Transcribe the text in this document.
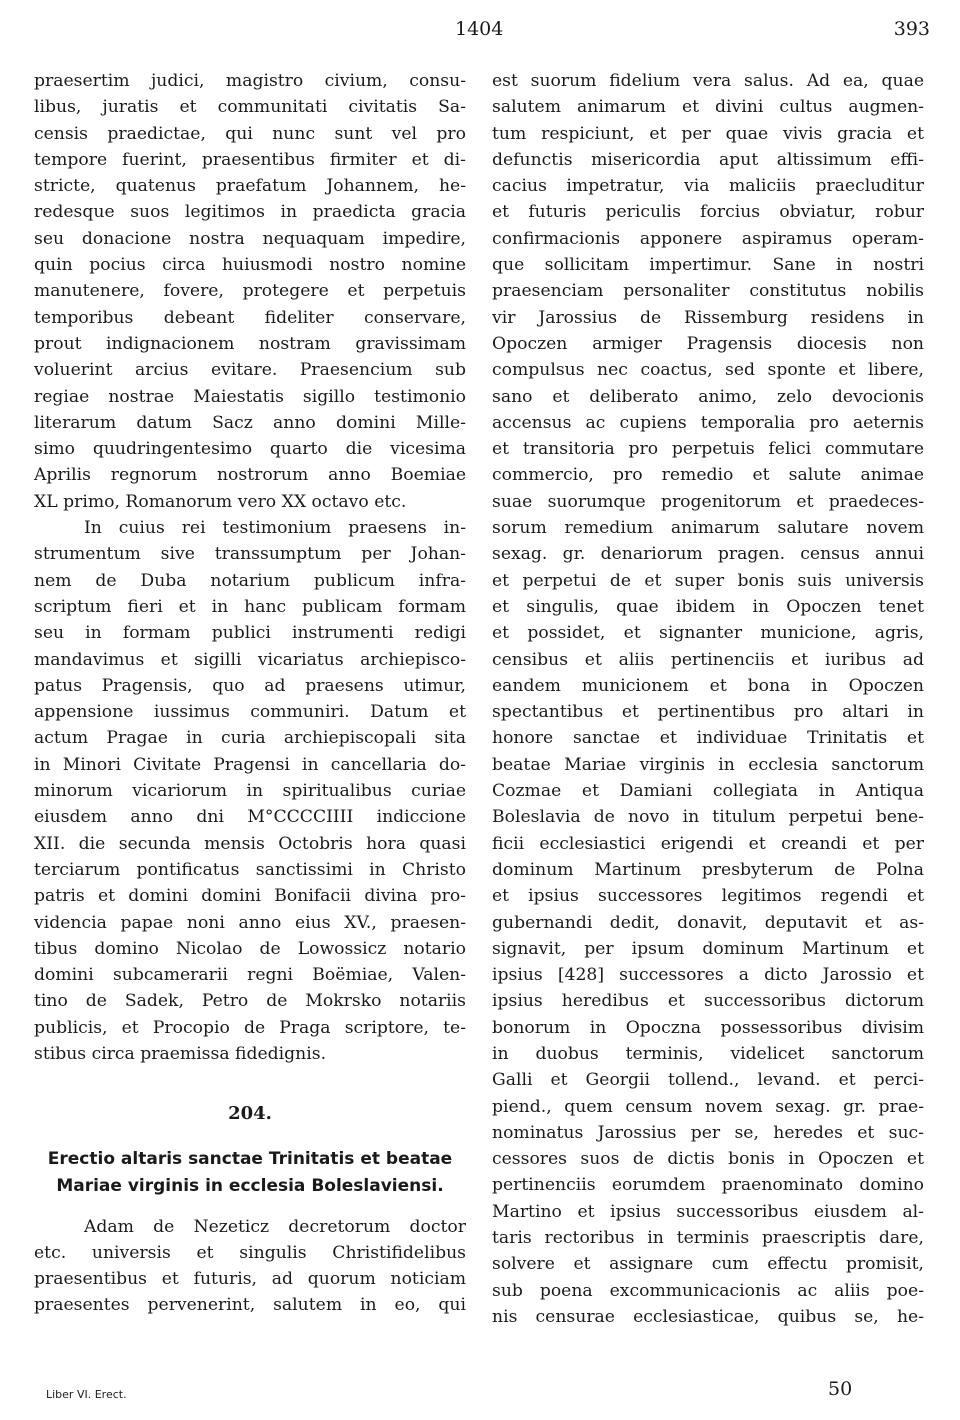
1404	393
praesertim judici, magistro civium, consu-
libus, juratis et communitati civitatis Sa-
censis praedictae, qui nunc sunt vel pro
tempore fuerint, praesentibus firmiter et di-
stricte, quatenus praefatum Johannem, he-
redesque suos legitimos in praedicta gracia
seu donacione nostra nequaquam impedire,
quin pocius circa huiusmodi nostro nomine
manutenere, fovere, protegere et perpetuis
temporibus debeant fideliter conservare,
prout indignacionem nostram gravissimam
voluerint arcius evitare. Praesencium sub
regiae nostrae Maiestatis sigillo testimonio
literarum datum Sacz anno domini Mille-
simo quudringentesimo quarto die vicesima
Aprilis regnorum nostrorum anno Boemiae
XL primo, Romanorum vero XX octavo etc.
In cuius rei testimonium praesens in-
strumentum sive transsumptum per Johan-
nem de Duba notarium publicum infra-
scriptum fieri et in hanc publicam formam
seu in formam publici instrumenti redigi
mandavimus et sigilli vicariatus archiepisco-
patus Pragensis, quo ad praesens utimur,
appensione iussimus communiri. Datum et
actum Pragae in curia archiepiscopali sita
in Minori Civitate Pragensi in cancellaria do-
minorum vicariorum in spiritualibus curiae
eiusdem anno dni M°CCCCIIII indiccione
XII. die secunda mensis Octobris hora quasi
terciarum pontificatus sanctissimi in Christo
patris et domini domini Bonifacii divina pro-
videncia papae noni anno eius XV., praesen-
tibus domino Nicolao de Lowossicz notario
domini subcamerarii regni Boëmiae, Valen-
tino de Sadek, Petro de Mokrsko notariis
publicis, et Procopio de Praga scriptore, te-
stibus circa praemissa fidedignis.
204.
Erectio altaris sanctae Trinitatis et beatae
Mariae virginis in ecclesia Boleslaviensi.
Adam de Nezeticz decretorum doctor
etc. universis et singulis Christifidelibus
praesentibus et futuris, ad quorum noticiam
praesentes pervenerint, salutem in eo, qui
est suorum fidelium vera salus. Ad ea, quae
salutem animarum et divini cultus augmen-
tum respiciunt, et per quae vivis gracia et
defunctis misericordia aput altissimum effi-
cacius impetratur, via maliciis praecluditur
et futuris periculis forcius obviatur, robur
confirmacionis apponere aspiramus operam-
que sollicitam impertimur. Sane in nostri
praesenciam personaliter constitutus nobilis
vir Jarossius de Rissemburg residens in
Opoczen armiger Pragensis diocesis non
compulsus nec coactus, sed sponte et libere,
sano et deliberato animo, zelo devocionis
accensus ac cupiens temporalia pro aeternis
et transitoria pro perpetuis felici commutare
commercio, pro remedio et salute animae
suae suorumque progenitorum et praedeces-
sorum remedium animarum salutare novem
sexag. gr. denariorum pragen. census annui
et perpetui de et super bonis suis universis
et singulis, quae ibidem in Opoczen tenet
et possidet, et signanter municione, agris,
censibus et aliis pertinenciis et iuribus ad
eandem municionem et bona in Opoczen
spectantibus et pertinentibus pro altari in
honore sanctae et individuae Trinitatis et
beatae Mariae virginis in ecclesia sanctorum
Cozmae et Damiani collegiata in Antiqua
Boleslavia de novo in titulum perpetui bene-
ficii ecclesiastici erigendi et creandi et per
dominum Martinum presbyterum de Polna
et ipsius successores legitimos regendi et
gubernandi dedit, donavit, deputavit et as-
signavit, per ipsum dominum Martinum et
ipsius [428] successores a dicto Jarossio et
ipsius heredibus et successoribus dictorum
bonorum in Opoczna possessoribus divisim
in duobus terminis, videlicet sanctorum
Galli et Georgii tollend., levand. et perci-
piend., quem censum novem sexag. gr. prae-
nominatus Jarossius per se, heredes et suc-
cessores suos de dictis bonis in Opoczen et
pertinenciis eorumdem praenominato domino
Martino et ipsius successoribus eiusdem al-
taris rectoribus in terminis praescriptis dare,
solvere et assignare cum effectu promisit,
sub poena excommunicacionis ac aliis poe-
nis censurae ecclesiasticae, quibus se, he-
Liber VI. Erect.	50
